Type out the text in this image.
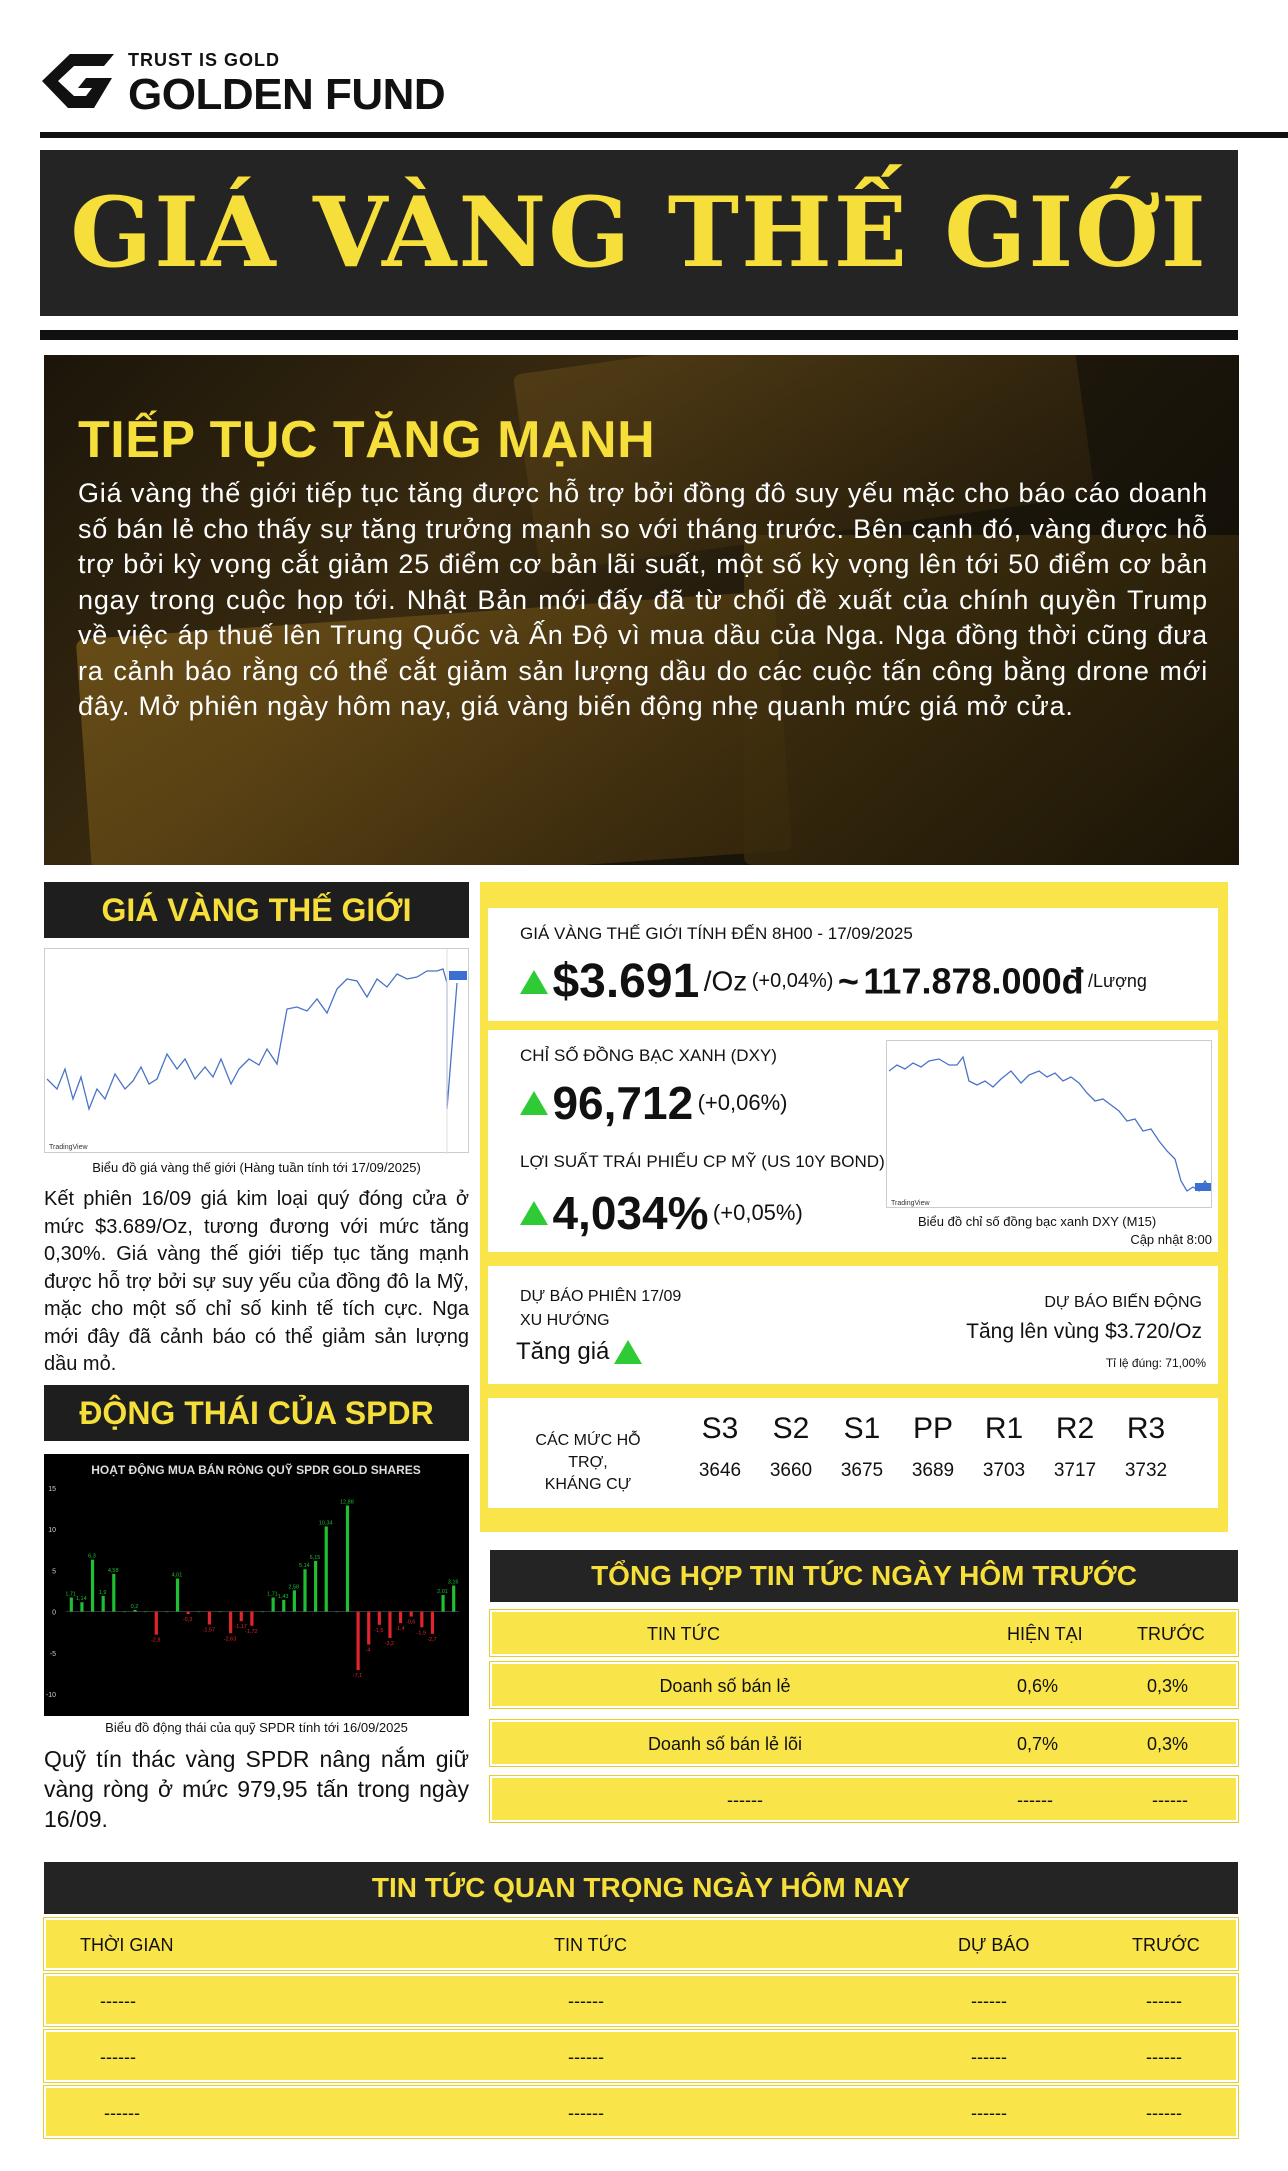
TRUST IS GOLD
GOLDEN FUND
GIÁ VÀNG THẾ GIỚI
TIẾP TỤC TĂNG MẠNH
Giá vàng thế giới tiếp tục tăng được hỗ trợ bởi đồng đô suy yếu mặc cho báo cáo doanh số bán lẻ cho thấy sự tăng trưởng mạnh so với tháng trước. Bên cạnh đó, vàng được hỗ trợ bởi kỳ vọng cắt giảm 25 điểm cơ bản lãi suất, một số kỳ vọng lên tới 50 điểm cơ bản ngay trong cuộc họp tới. Nhật Bản mới đấy đã từ chối đề xuất của chính quyền Trump về việc áp thuế lên Trung Quốc và Ấn Độ vì mua dầu của Nga. Nga đồng thời cũng đưa ra cảnh báo rằng có thể cắt giảm sản lượng dầu do các cuộc tấn công bằng drone mới đây. Mở phiên ngày hôm nay, giá vàng biến động nhẹ quanh mức giá mở cửa.
GIÁ VÀNG THẾ GIỚI
TradingView
Biểu đồ giá vàng thế giới (Hàng tuần tính tới 17/09/2025)
Kết phiên 16/09 giá kim loại quý đóng cửa ở mức $3.689/Oz, tương đương với mức tăng 0,30%. Giá vàng thế giới tiếp tục tăng mạnh được hỗ trợ bởi sự suy yếu của đồng đô la Mỹ, mặc cho một số chỉ số kinh tế tích cực. Nga mới đây đã cảnh báo có thể giảm sản lượng dầu mỏ.
ĐỘNG THÁI CỦA SPDR
HOẠT ĐỘNG MUA BÁN RÒNG QUỸ SPDR GOLD SHARES
15
10
5
0
-5
-10
1,71
1,14
6,3
1,9
4,58
0,2
-2,8
4,01
-0,3
-1,57
-2,63
-1,17
-1,72
1,71 1,43
2,58
5,14
6,15
10,34
12,88
-7,1
-4
-1,6
-3,2
-1,4
-0,6
-1,9
-2,7
2,01
3,16
Biểu đồ động thái của quỹ SPDR tính tới 16/09/2025
Quỹ tín thác vàng SPDR nâng nắm giữ vàng ròng ở mức 979,95 tấn trong ngày 16/09.
GIÁ VÀNG THẾ GIỚI TÍNH ĐẾN 8H00 - 17/09/2025
$3.691 /Oz (+0,04%) ~ 117.878.000đ /Lượng
CHỈ SỐ ĐỒNG BẠC XANH (DXY)
96,712 (+0,06%)
LỢI SUẤT TRÁI PHIẾU CP MỸ (US 10Y BOND)
4,034% (+0,05%)	TradingView
Biểu đồ chỉ số đồng bạc xanh DXY (M15)
Cập nhật 8:00
DỰ BÁO PHIÊN 17/09
XU HƯỚNG
Tăng giá
DỰ BÁO BIẾN ĐỘNG
Tăng lên vùng $3.720/Oz
Tỉ lệ đúng: 71,00%
CÁC MỨC HỖ TRỢ,
KHÁNG CỰ
S3
3646
S2
3660
S1
3675
PP
3689
R1
3703
R2
3717
R3
3732
TỔNG HỢP TIN TỨC NGÀY HÔM TRƯỚC
TIN TỨC	HIỆN TẠI	TRƯỚC
Doanh số bán lẻ	0,6%	0,3%
Doanh số bán lẻ lõi	0,7%	0,3%
------	------	------
TIN TỨC QUAN TRỌNG NGÀY HÔM NAY
THỜI GIAN	TIN TỨC	DỰ BÁO	TRƯỚC
------	------	------	------
------	------	------	------
------	------	------	------
